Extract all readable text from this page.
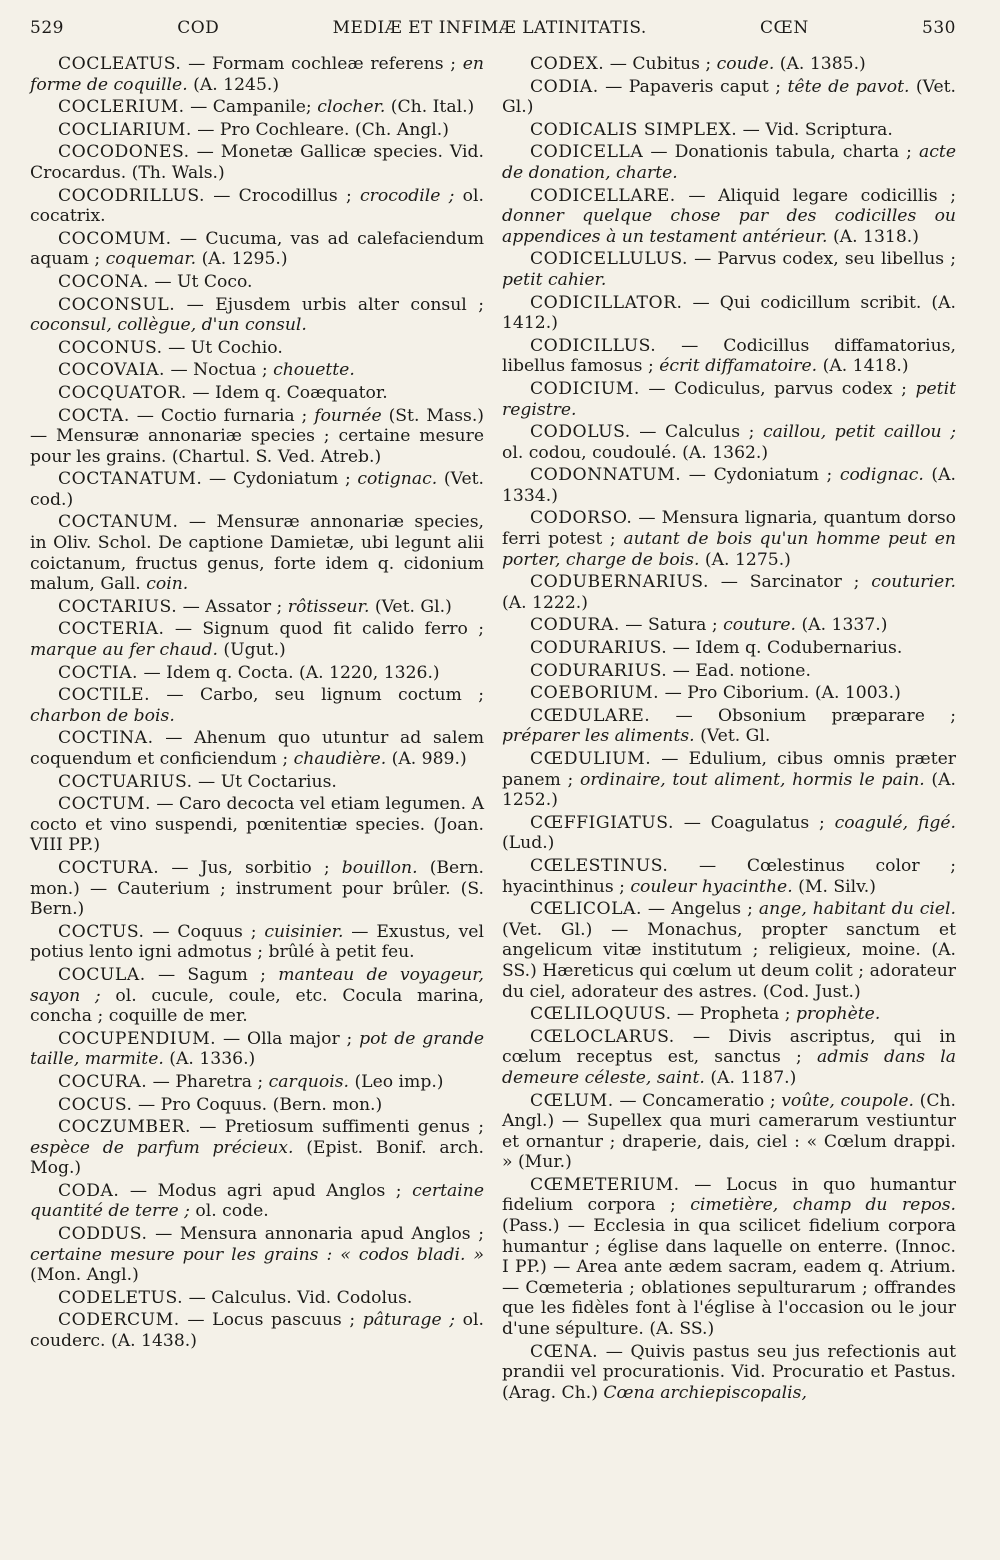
529	COD	MEDIÆ ET INFIMÆ LATINITATIS.	CŒN	530

COCLEATUS. — Formam cochleæ referens ; en forme de coquille. (A. 1245.)

COCLERIUM. — Campanile; clocher. (Ch. Ital.)

COCLIARIUM. — Pro Cochleare. (Ch. Angl.)

COCODONES. — Monetæ Gallicæ species. Vid. Crocardus. (Th. Wals.)

COCODRILLUS. — Crocodillus ; crocodile ; ol. cocatrix.

COCOMUM. — Cucuma, vas ad calefaciendum aquam ; coquemar. (A. 1295.)

COCONA. — Ut Coco.

COCONSUL. — Ejusdem urbis alter consul ; coconsul, collègue, d'un consul.

COCONUS. — Ut Cochio.

COCOVAIA. — Noctua ; chouette.

COCQUATOR. — Idem q. Coæquator.

COCTA. — Coctio furnaria ; fournée (St. Mass.) — Mensuræ annonariæ species ; certaine mesure pour les grains. (Chartul. S. Ved. Atreb.)

COCTANATUM. — Cydoniatum ; cotignac. (Vet. cod.)

COCTANUM. — Mensuræ annonariæ species, in Oliv. Schol. De captione Damietæ, ubi legunt alii coictanum, fructus genus, forte idem q. cidonium malum, Gall. coin.

COCTARIUS. — Assator ; rôtisseur. (Vet. Gl.)

COCTERIA. — Signum quod fit calido ferro ; marque au fer chaud. (Ugut.)

COCTIA. — Idem q. Cocta. (A. 1220, 1326.)

COCTILE. — Carbo, seu lignum coctum ; charbon de bois.

COCTINA. — Ahenum quo utuntur ad salem coquendum et conficiendum ; chaudière. (A. 989.)

COCTUARIUS. — Ut Coctarius.

COCTUM. — Caro decocta vel etiam legumen. A cocto et vino suspendi, pœnitentiæ species. (Joan. VIII PP.)

COCTURA. — Jus, sorbitio ; bouillon. (Bern. mon.) — Cauterium ; instrument pour brûler. (S. Bern.)

COCTUS. — Coquus ; cuisinier. — Exustus, vel potius lento igni admotus ; brûlé à petit feu.

COCULA. — Sagum ; manteau de voyageur, sayon ; ol. cucule, coule, etc. Cocula marina, concha ; coquille de mer.

COCUPENDIUM. — Olla major ; pot de grande taille, marmite. (A. 1336.)

COCURA. — Pharetra ; carquois. (Leo imp.)

COCUS. — Pro Coquus. (Bern. mon.)

COCZUMBER. — Pretiosum suffimenti genus ; espèce de parfum précieux. (Epist. Bonif. arch. Mog.)

CODA. — Modus agri apud Anglos ; certaine quantité de terre ; ol. code.

CODDUS. — Mensura annonaria apud Anglos ; certaine mesure pour les grains : « codos bladi. » (Mon. Angl.)

CODELETUS. — Calculus. Vid. Codolus.

CODERCUM. — Locus pascuus ; pâturage ; ol. couderc. (A. 1438.)

CODEX. — Cubitus ; coude. (A. 1385.)

CODIA. — Papaveris caput ; tête de pavot. (Vet. Gl.)

CODICALIS SIMPLEX. — Vid. Scriptura.

CODICELLA — Donationis tabula, charta ; acte de donation, charte.

CODICELLARE. — Aliquid legare codicillis ; donner quelque chose par des codicilles ou appendices à un testament antérieur. (A. 1318.)

CODICELLULUS. — Parvus codex, seu libellus ; petit cahier.

CODICILLATOR. — Qui codicillum scribit. (A. 1412.)

CODICILLUS. — Codicillus diffamatorius, libellus famosus ; écrit diffamatoire. (A. 1418.)

CODICIUM. — Codiculus, parvus codex ; petit registre.

CODOLUS. — Calculus ; caillou, petit caillou ; ol. codou, coudoulé. (A. 1362.)

CODONNATUM. — Cydoniatum ; codignac. (A. 1334.)

CODORSO. — Mensura lignaria, quantum dorso ferri potest ; autant de bois qu'un homme peut en porter, charge de bois. (A. 1275.)

CODUBERNARIUS. — Sarcinator ; couturier. (A. 1222.)

CODURA. — Satura ; couture. (A. 1337.)

CODURARIUS. — Idem q. Codubernarius.

CODURARIUS. — Ead. notione.

COEBORIUM. — Pro Ciborium. (A. 1003.)

CŒDULARE. — Obsonium præparare ; préparer les aliments. (Vet. Gl.

CŒDULIUM. — Edulium, cibus omnis præter panem ; ordinaire, tout aliment, hormis le pain. (A. 1252.)

CŒFFIGIATUS. — Coagulatus ; coagulé, figé. (Lud.)

CŒLESTINUS. — Cœlestinus color ; hyacinthinus ; couleur hyacinthe. (M. Silv.)

CŒLICOLA. — Angelus ; ange, habitant du ciel. (Vet. Gl.) — Monachus, propter sanctum et angelicum vitæ institutum ; religieux, moine. (A. SS.) Hæreticus qui cœlum ut deum colit ; adorateur du ciel, adorateur des astres. (Cod. Just.)

CŒLILOQUUS. — Propheta ; prophète.

CŒLOCLARUS. — Divis ascriptus, qui in cœlum receptus est, sanctus ; admis dans la demeure céleste, saint. (A. 1187.)

CŒLUM. — Concameratio ; voûte, coupole. (Ch. Angl.) — Supellex qua muri camerarum vestiuntur et ornantur ; draperie, dais, ciel : « Cœlum drappi. » (Mur.)

CŒMETERIUM. — Locus in quo humantur fidelium corpora ; cimetière, champ du repos. (Pass.) — Ecclesia in qua scilicet fidelium corpora humantur ; église dans laquelle on enterre. (Innoc. I PP.) — Area ante ædem sacram, eadem q. Atrium. — Cœmeteria ; oblationes sepulturarum ; offrandes que les fidèles font à l'église à l'occasion ou le jour d'une sépulture. (A. SS.)

CŒNA. — Quivis pastus seu jus refectionis aut prandii vel procurationis. Vid. Procuratio et Pastus. (Arag. Ch.) Cœna archiepiscopalis,
